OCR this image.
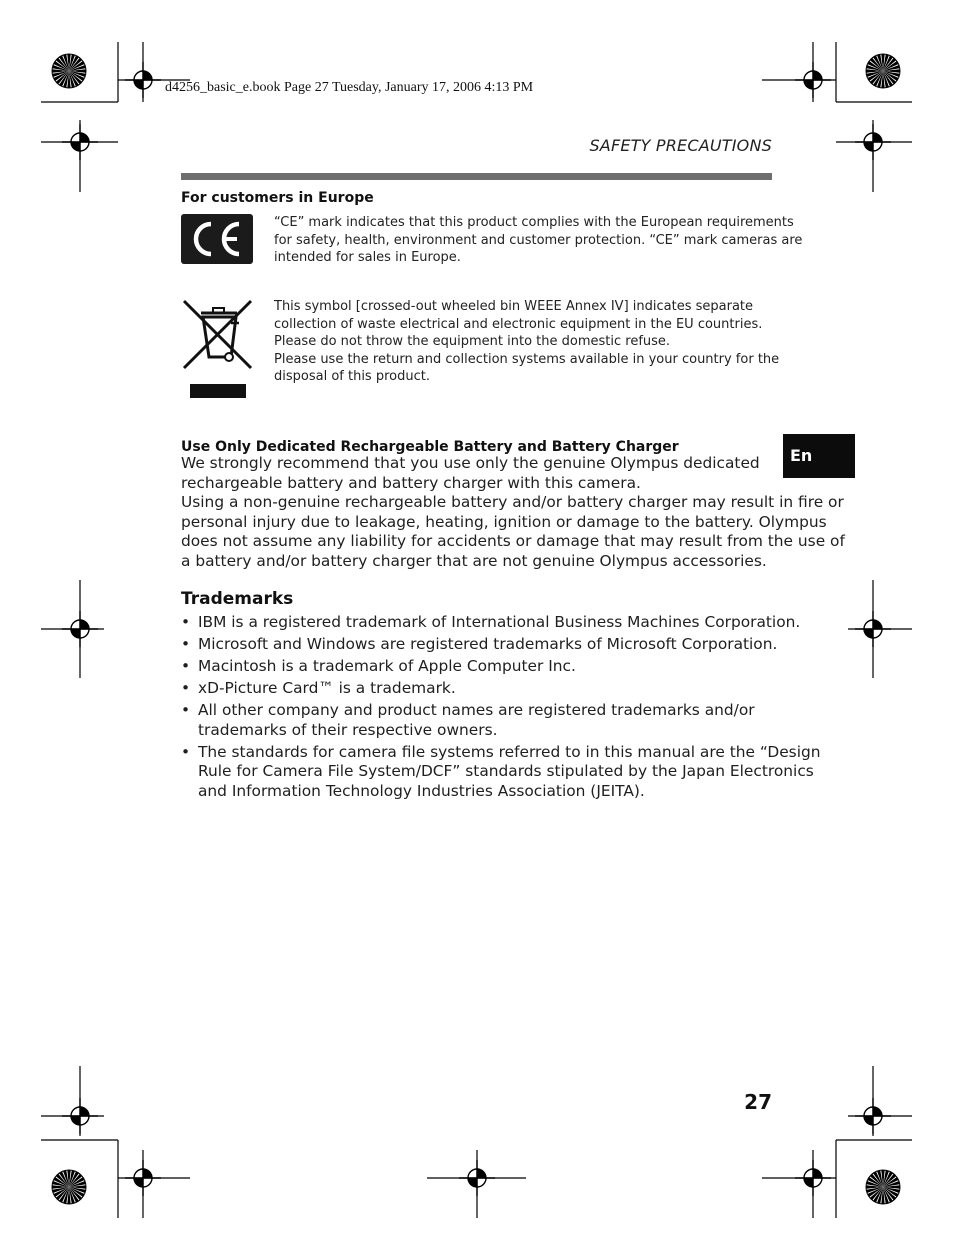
d4256_basic_e.book Page 27 Tuesday, January 17, 2006 4:13 PM
SAFETY PRECAUTIONS
For customers in Europe
“CE” mark indicates that this product complies with the European requirements
for safety, health, environment and customer protection. “CE” mark cameras are
intended for sales in Europe.
This symbol [crossed-out wheeled bin WEEE Annex IV] indicates separate
collection of waste electrical and electronic equipment in the EU countries.
Please do not throw the equipment into the domestic refuse.
Please use the return and collection systems available in your country for the
disposal of this product.
Use Only Dedicated Rechargeable Battery and Battery Charger
We strongly recommend that you use only the genuine Olympus dedicated
rechargeable battery and battery charger with this camera.
Using a non-genuine rechargeable battery and/or battery charger may result in fire or
personal injury due to leakage, heating, ignition or damage to the battery. Olympus
does not assume any liability for accidents or damage that may result from the use of
a battery and/or battery charger that are not genuine Olympus accessories.
Trademarks
• IBM is a registered trademark of International Business Machines Corporation.
• Microsoft and Windows are registered trademarks of Microsoft Corporation.
• Macintosh is a trademark of Apple Computer Inc.
• xD-Picture Card™ is a trademark.
• All other company and product names are registered trademarks and/or
trademarks of their respective owners.
• The standards for camera file systems referred to in this manual are the “Design
Rule for Camera File System/DCF” standards stipulated by the Japan Electronics
and Information Technology Industries Association (JEITA).
En
27
